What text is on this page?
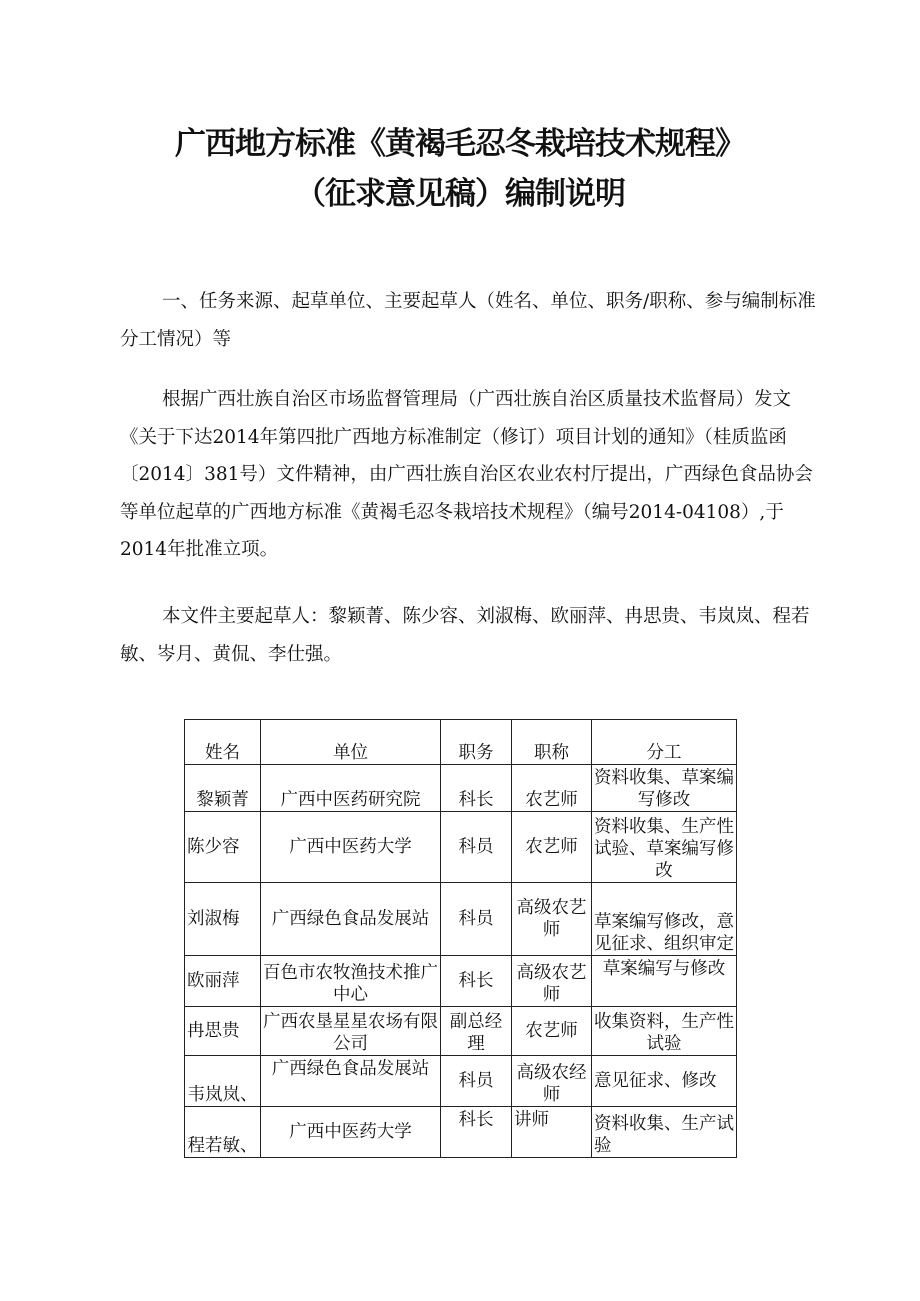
广西地方标准《黄褐毛忍冬栽培技术规程》
（征求意见稿）编制说明
一、任务来源、起草单位、主要起草人（姓名、单位、职务/职称、参与编制标准分工情况）等
根据广西壮族自治区市场监督管理局（广西壮族自治区质量技术监督局）发文《关于下达2014年第四批广西地方标准制定（修订）项目计划的通知》（桂质监函〔2014〕381号）文件精神，由广西壮族自治区农业农村厅提出，广西绿色食品协会等单位起草的广西地方标准《黄褐毛忍冬栽培技术规程》（编号2014-04108）,于2014年批准立项。
本文件主要起草人：黎颖菁、陈少容、刘淑梅、欧丽萍、冉思贵、韦岚岚、程若敏、岑月、黄侃、李仕强。
姓名	单位	职务	职称	分工
黎颖菁	广西中医药研究院	科长	农艺师	资料收集、草案编写修改
陈少容	广西中医药大学	科员	农艺师	资料收集、生产性试验、草案编写修改
刘淑梅	广西绿色食品发展站	科员	高级农艺师	草案编写修改，意见征求、组织审定
欧丽萍	百色市农牧渔技术推广中心	科长	高级农艺师	草案编写与修改
冉思贵	广西农垦星星农场有限公司	副总经理	农艺师	收集资料，生产性试验
韦岚岚、	广西绿色食品发展站	科员	高级农经师	意见征求、修改
程若敏、	广西中医药大学	科长	讲师	资料收集、生产试验
